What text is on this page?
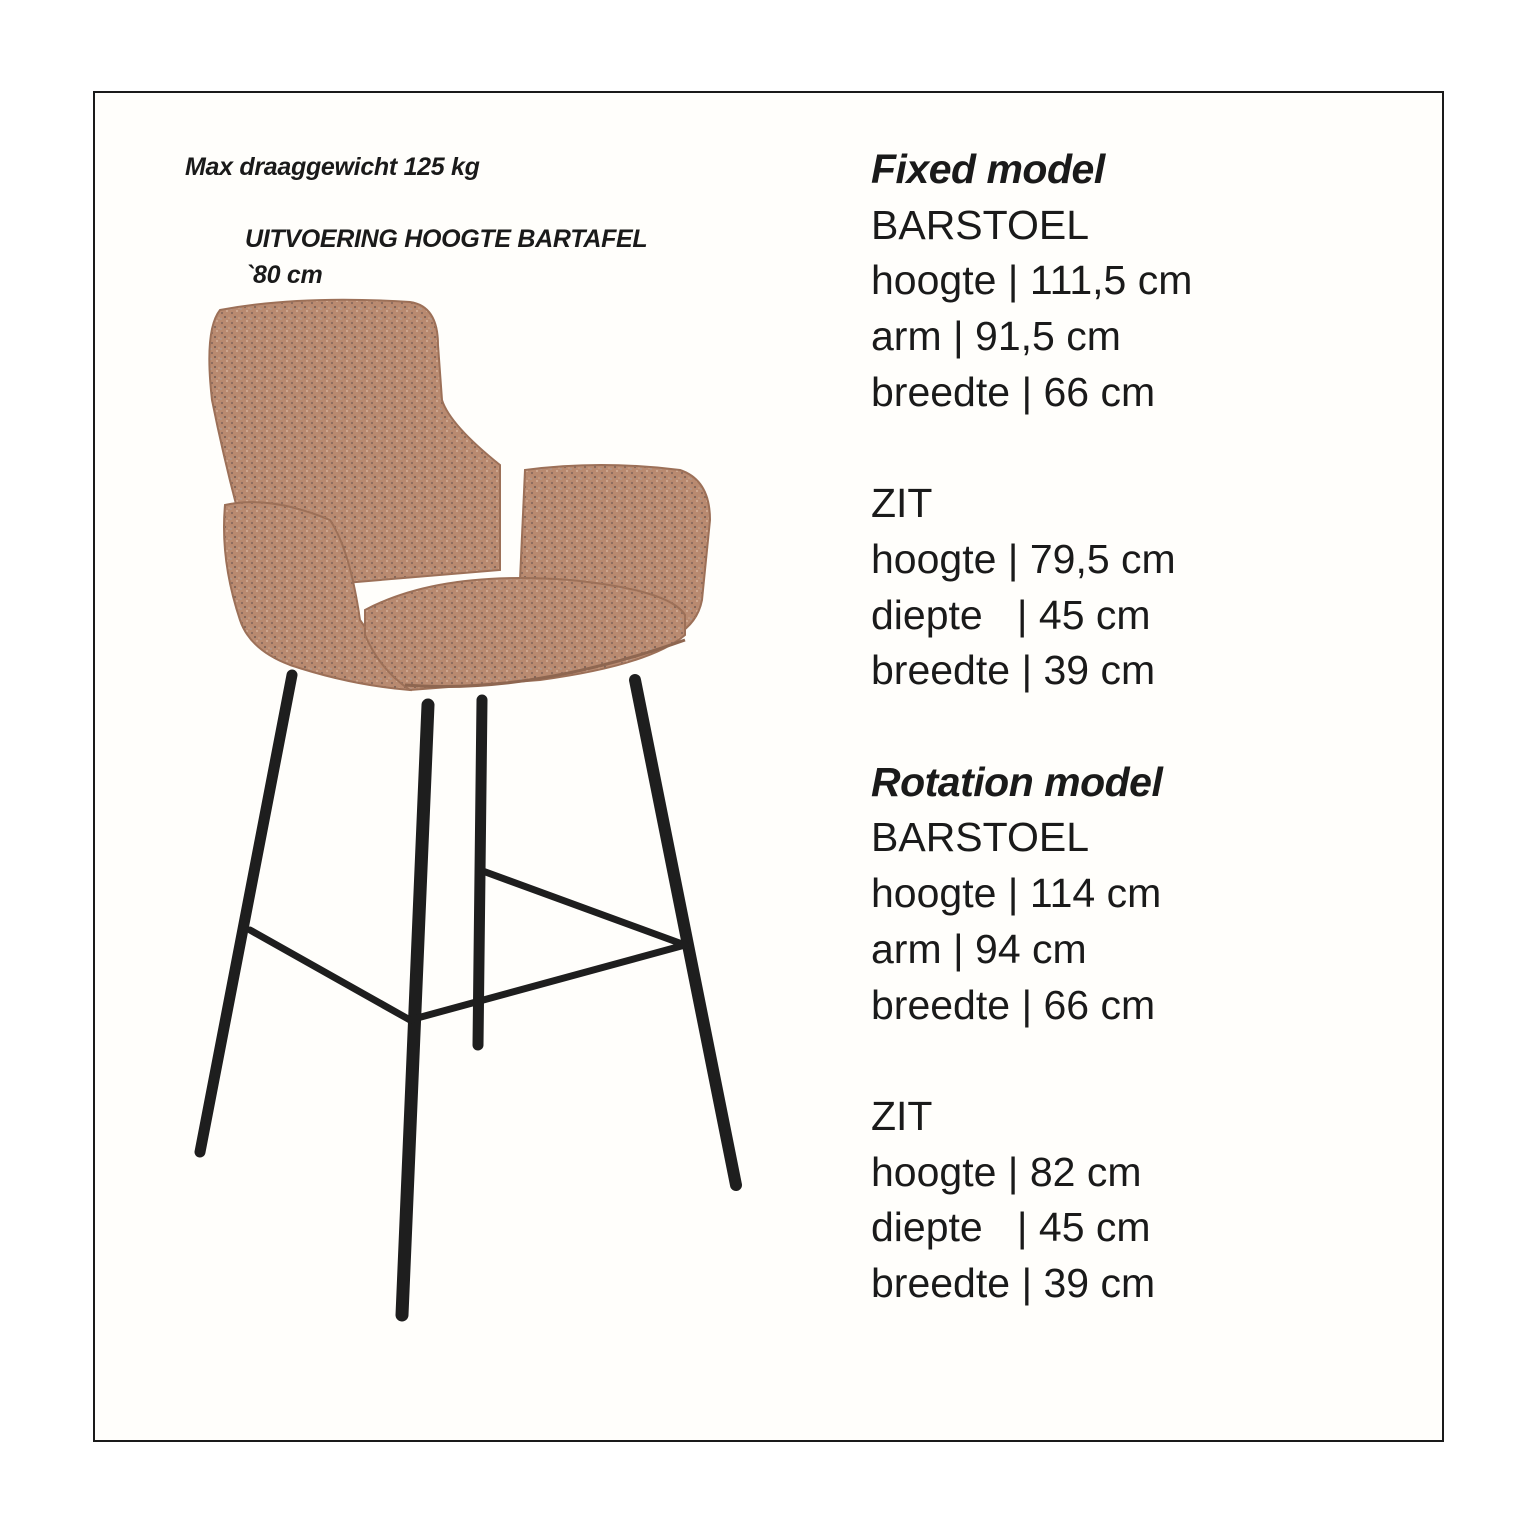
Max draaggewicht 125 kg
UITVOERING HOOGTE BARTAFEL
`80 cm
Fixed model
BARSTOEL
hoogte | 111,5 cm
arm | 91,5 cm
breedte | 66 cm
ZIT
hoogte | 79,5 cm
diepte   | 45 cm
breedte | 39 cm
Rotation model
BARSTOEL
hoogte | 114 cm
arm | 94 cm
breedte | 66 cm
ZIT
hoogte | 82 cm
diepte   | 45 cm
breedte | 39 cm
